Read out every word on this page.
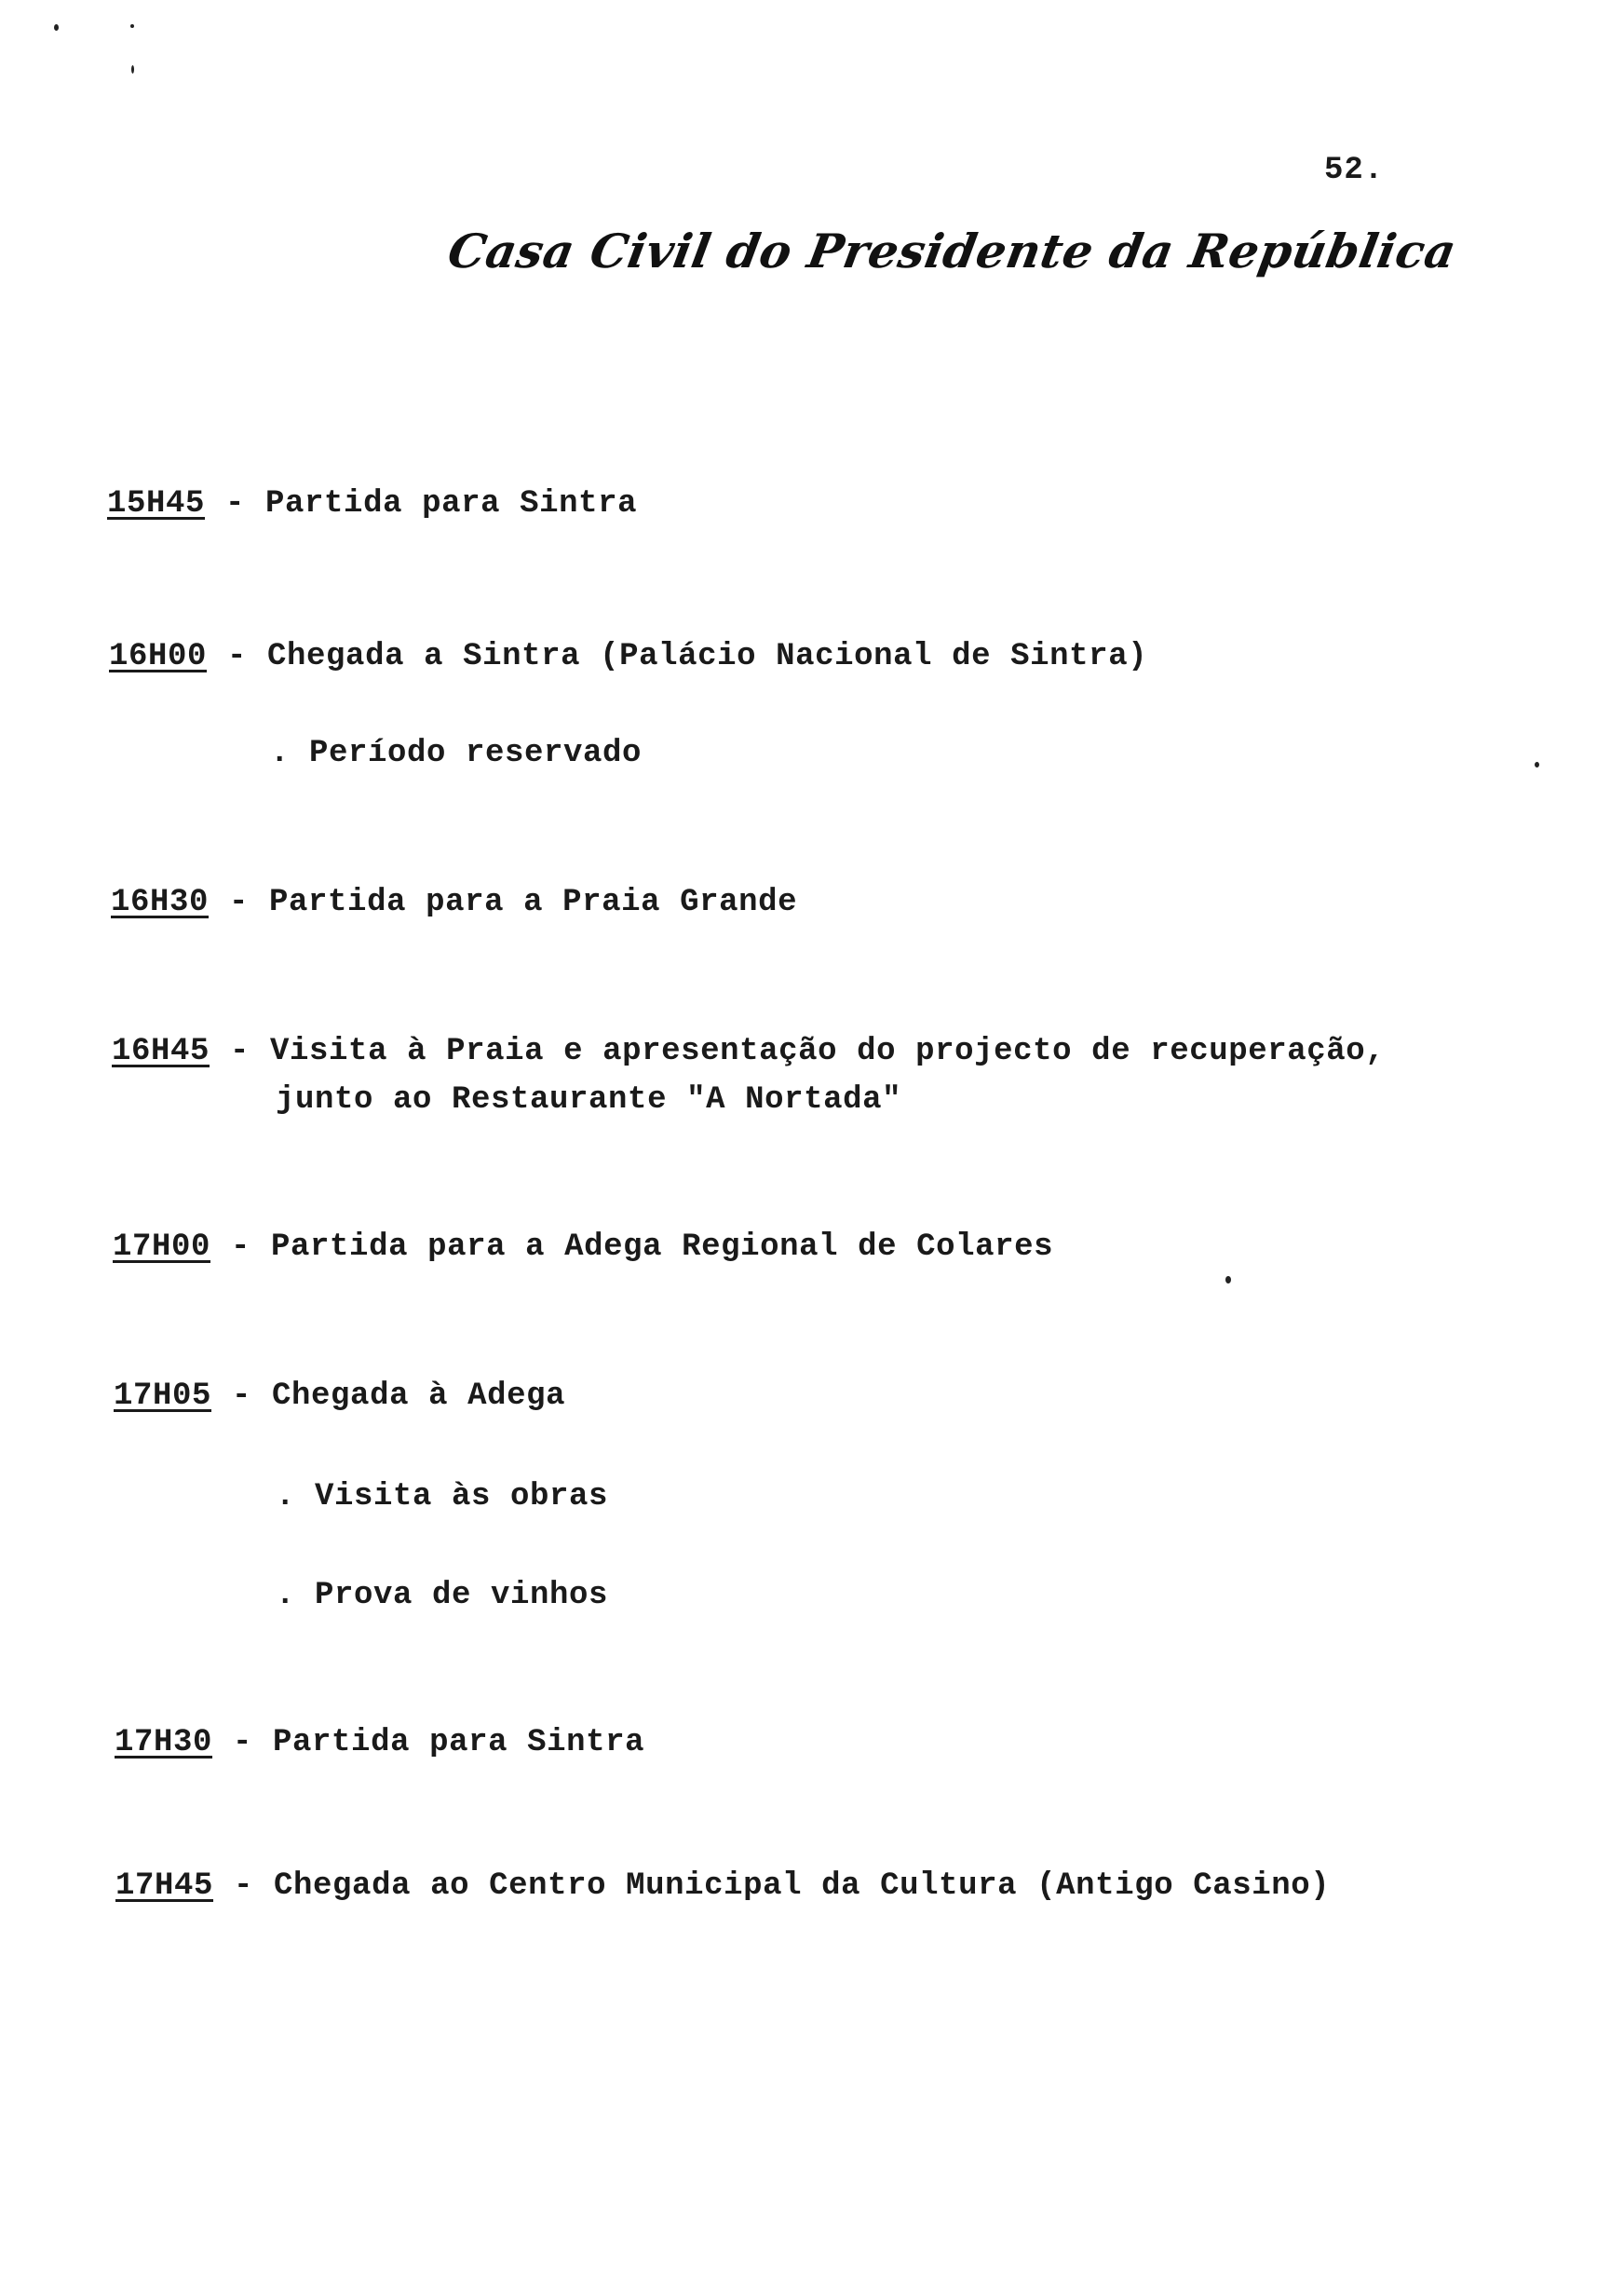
52.
Casa Civil do Presidente da República
15H45 - Partida para Sintra
16H00 - Chegada a Sintra (Palácio Nacional de Sintra)
. Período reservado
16H30 - Partida para a Praia Grande
16H45 - Visita à Praia e apresentação do projecto de recuperação,
junto ao Restaurante "A Nortada"
17H00 - Partida para a Adega Regional de Colares
17H05 - Chegada à Adega
. Visita às obras
. Prova de vinhos
17H30 - Partida para Sintra
17H45 - Chegada ao Centro Municipal da Cultura (Antigo Casino)
